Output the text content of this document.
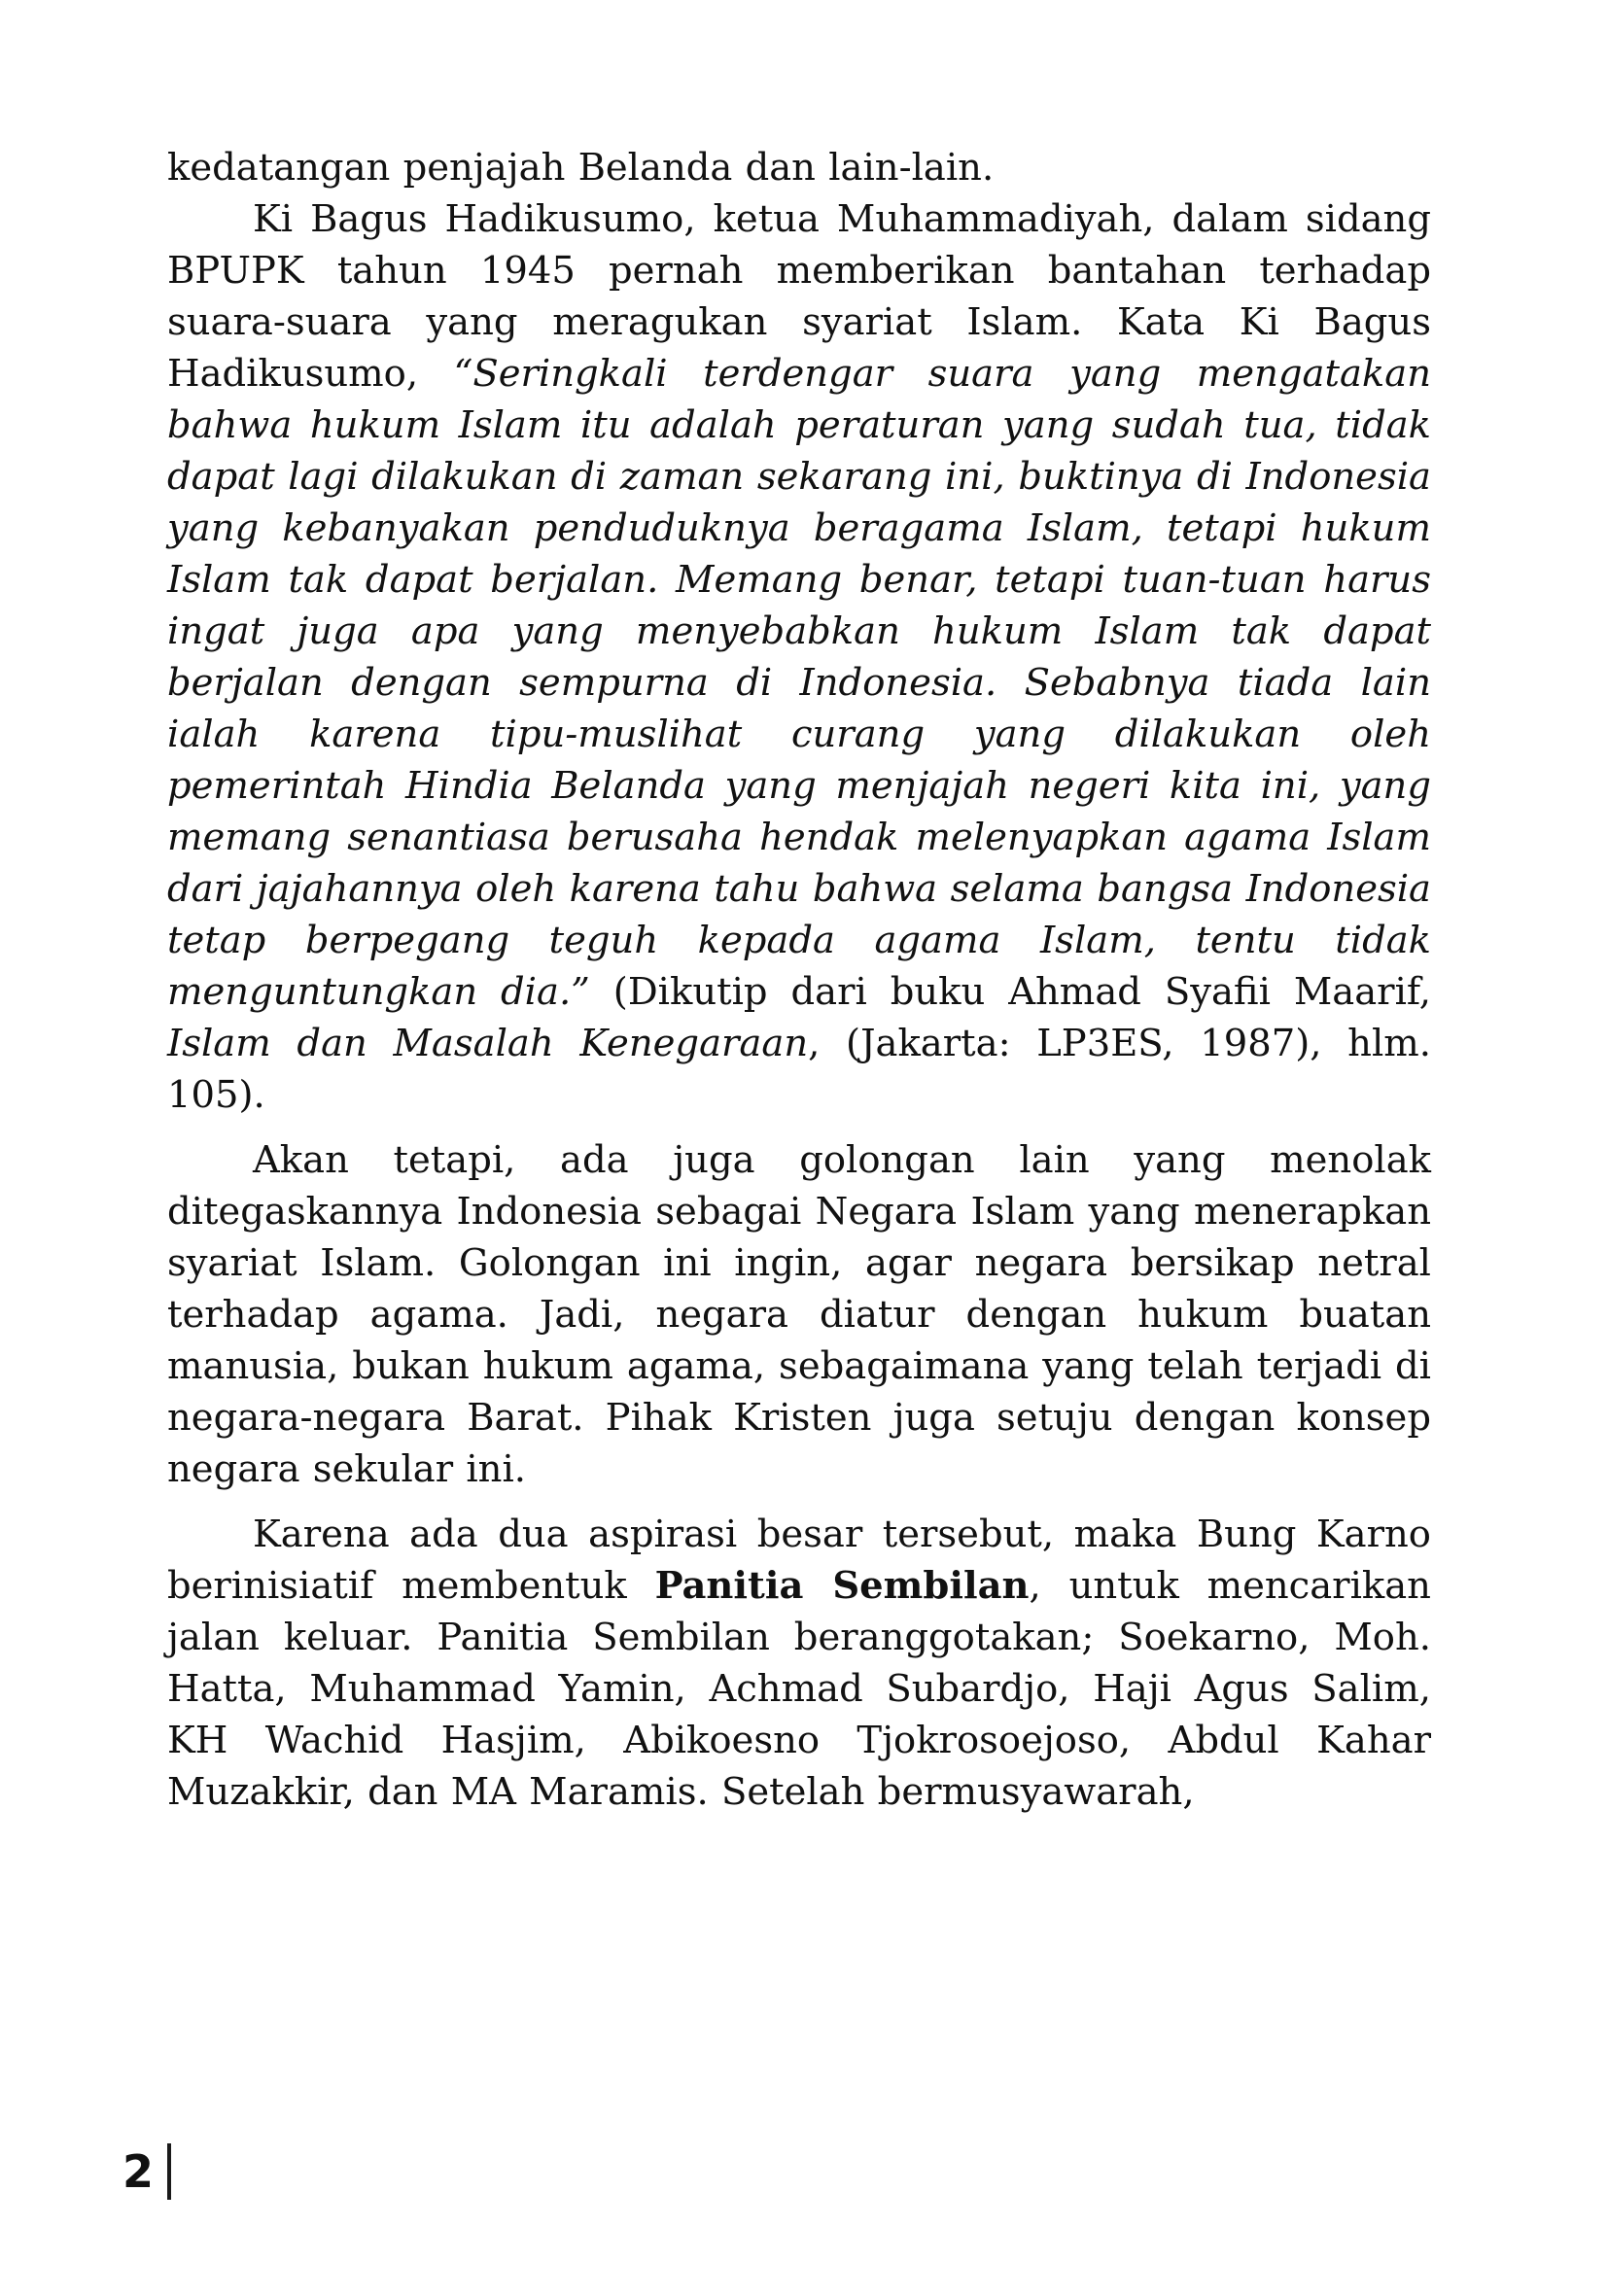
kedatangan penjajah Belanda dan lain-lain.

Ki Bagus Hadikusumo, ketua Muhammadiyah, dalam sidang BPUPK tahun 1945 pernah memberikan bantahan terhadap suara-suara yang meragukan syariat Islam. Kata Ki Bagus Hadikusumo, “Seringkali terdengar suara yang mengatakan bahwa hukum Islam itu adalah peraturan yang sudah tua, tidak dapat lagi dilakukan di zaman sekarang ini, buktinya di Indonesia yang kebanyakan penduduknya beragama Islam, tetapi hukum Islam tak dapat berjalan. Memang benar, tetapi tuan-tuan harus ingat juga apa yang menyebabkan hukum Islam tak dapat berjalan dengan sempurna di Indonesia. Sebabnya tiada lain ialah karena tipu-muslihat curang yang dilakukan oleh pemerintah Hindia Belanda yang menjajah negeri kita ini, yang memang senantiasa berusaha hendak melenyapkan agama Islam dari jajahannya oleh karena tahu bahwa selama bangsa Indonesia tetap berpegang teguh kepada agama Islam, tentu tidak menguntungkan dia.” (Dikutip dari buku Ahmad Syafii Maarif, Islam dan Masalah Kenegaraan, (Jakarta: LP3ES, 1987), hlm. 105).

Akan tetapi, ada juga golongan lain yang menolak ditegaskannya Indonesia sebagai Negara Islam yang menerapkan syariat Islam. Golongan ini ingin, agar negara bersikap netral terhadap agama. Jadi, negara diatur dengan hukum buatan manusia, bukan hukum agama, sebagaimana yang telah terjadi di negara-negara Barat. Pihak Kristen juga setuju dengan konsep negara sekular ini.

Karena ada dua aspirasi besar tersebut, maka Bung Karno berinisiatif membentuk Panitia Sembilan, untuk mencarikan jalan keluar. Panitia Sembilan beranggotakan; Soekarno, Moh. Hatta, Muhammad Yamin, Achmad Subardjo, Haji Agus Salim, KH Wachid Hasjim, Abikoesno Tjokrosoejoso, Abdul Kahar Muzakkir, dan MA Maramis. Setelah bermusyawarah,

2
